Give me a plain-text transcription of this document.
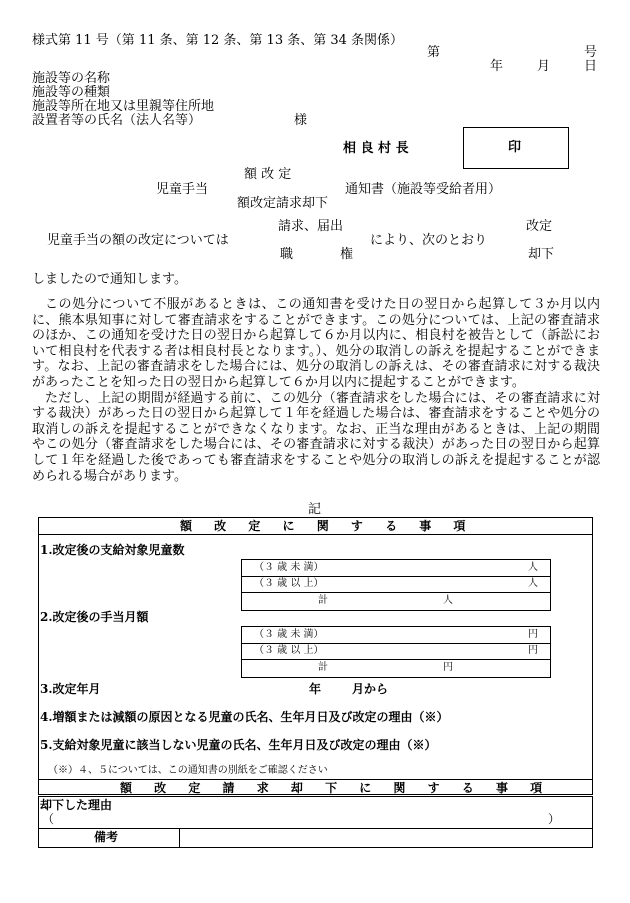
様式第 11 号（第 11 条、第 12 条、第 13 条、第 34 条関係）
第	号
年	月	日
施設等の名称
施設等の種類
施設等所在地又は里親等住所地
設置者等の氏名（法人名等）	様
相 良 村 長	印
額 改 定
児童手当	通知書（施設等受給者用）
額改定請求却下
請求、届出	改定
児童手当の額の改定については	により、次のとおり
職	権	却下
しましたので通知します。

この処分について不服があるときは、この通知書を受けた日の翌日から起算して３か月以内に、熊本県知事に対して審査請求をすることができます。この処分については、上記の審査請求のほか、この通知を受けた日の翌日から起算して６か月以内に、相良村を被告として（訴訟において相良村を代表する者は相良村長となります。）、処分の取消しの訴えを提起することができます。なお、上記の審査請求をした場合には、処分の取消しの訴えは、その審査請求に対する裁決があったことを知った日の翌日から起算して６か月以内に提起することができます。

ただし、上記の期間が経過する前に、この処分（審査請求をした場合には、その審査請求に対する裁決）があった日の翌日から起算して１年を経過した場合は、審査請求をすることや処分の取消しの訴えを提起することができなくなります。なお、正当な理由があるときは、上記の期間やこの処分（審査請求をした場合には、その審査請求に対する裁決）があった日の翌日から起算して１年を経過した後であっても審査請求をすることや処分の取消しの訴えを提起することが認められる場合があります。

記
額 改 定 に 関 す る 事 項
1.改定後の支給対象児童数
（３ 歳 未 満）	人
（３ 歳 以 上）	人
計	人
2.改定後の手当月額
（３ 歳 未 満）	円
（３ 歳 以 上）	円
計	円
3.改定年月	年	月から
4.増額または減額の原因となる児童の氏名、生年月日及び改定の理由（※）
5.支給対象児童に該当しない児童の氏名、生年月日及び改定の理由（※）
（※）４、５については、この通知書の別紙をご確認ください
額 改 定 請 求 却 下 に 関 す る 事 項
却下した理由
（	）
備考
